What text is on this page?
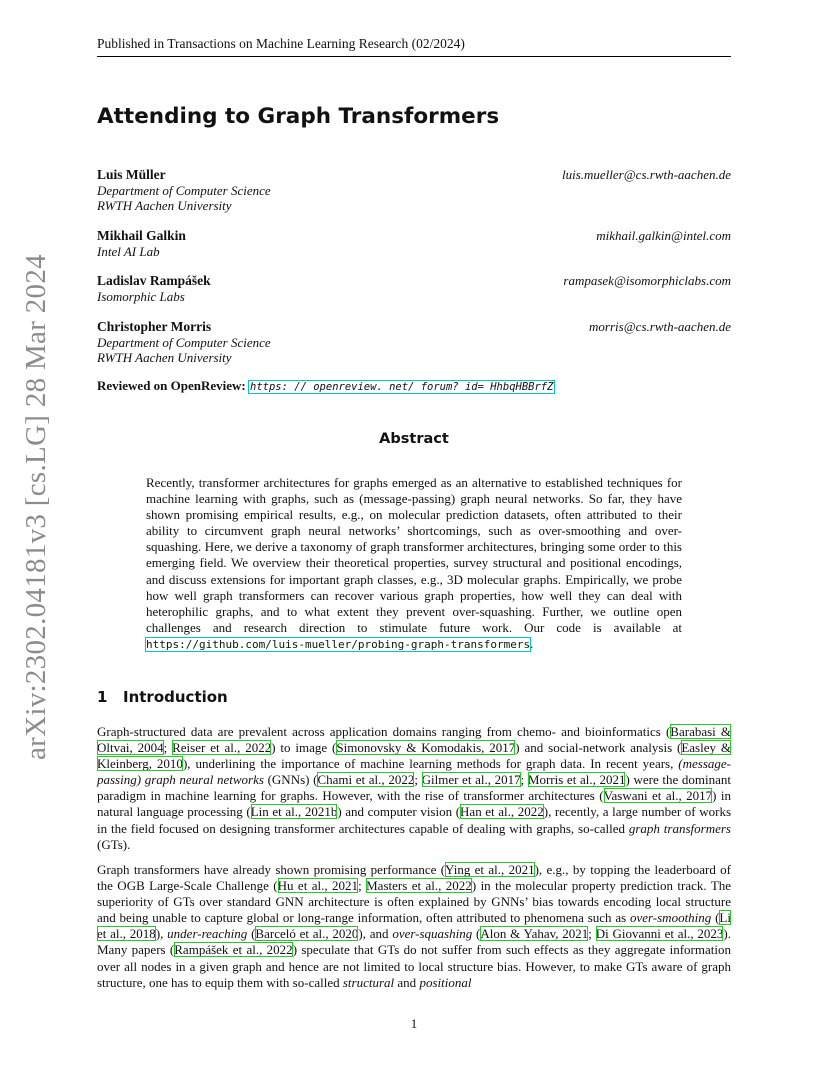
Published in Transactions on Machine Learning Research (02/2024)
arXiv:2302.04181v3 [cs.LG] 28 Mar 2024
Attending to Graph Transformers
Luis Müller	luis.mueller@cs.rwth-aachen.de
Department of Computer Science
RWTH Aachen University
Mikhail Galkin	mikhail.galkin@intel.com
Intel AI Lab
Ladislav Rampášek	rampasek@isomorphiclabs.com
Isomorphic Labs
Christopher Morris	morris@cs.rwth-aachen.de
Department of Computer Science
RWTH Aachen University
Reviewed on OpenReview: https: // openreview. net/ forum? id= HhbqHBBrfZ
Abstract
Recently, transformer architectures for graphs emerged as an alternative to established techniques for machine learning with graphs, such as (message-passing) graph neural networks. So far, they have shown promising empirical results, e.g., on molecular prediction datasets, often attributed to their ability to circumvent graph neural networks’ shortcomings, such as over-smoothing and over-squashing. Here, we derive a taxonomy of graph transformer architectures, bringing some order to this emerging field. We overview their theoretical properties, survey structural and positional encodings, and discuss extensions for important graph classes, e.g., 3D molecular graphs. Empirically, we probe how well graph transformers can recover various graph properties, how well they can deal with heterophilic graphs, and to what extent they prevent over-squashing. Further, we outline open challenges and research direction to stimulate future work. Our code is available at https://github.com/luis-mueller/probing-graph-transformers.
1 Introduction
Graph-structured data are prevalent across application domains ranging from chemo- and bioinformatics (Barabasi & Oltvai, 2004; Reiser et al., 2022) to image (Simonovsky & Komodakis, 2017) and social-network analysis (Easley & Kleinberg, 2010), underlining the importance of machine learning methods for graph data. In recent years, (message-passing) graph neural networks (GNNs) (Chami et al., 2022; Gilmer et al., 2017; Morris et al., 2021) were the dominant paradigm in machine learning for graphs. However, with the rise of transformer architectures (Vaswani et al., 2017) in natural language processing (Lin et al., 2021b) and computer vision (Han et al., 2022), recently, a large number of works in the field focused on designing transformer architectures capable of dealing with graphs, so-called graph transformers (GTs).
Graph transformers have already shown promising performance (Ying et al., 2021), e.g., by topping the leaderboard of the OGB Large-Scale Challenge (Hu et al., 2021; Masters et al., 2022) in the molecular property prediction track. The superiority of GTs over standard GNN architecture is often explained by GNNs’ bias towards encoding local structure and being unable to capture global or long-range information, often attributed to phenomena such as over-smoothing (Li et al., 2018), under-reaching (Barceló et al., 2020), and over-squashing (Alon & Yahav, 2021; Di Giovanni et al., 2023). Many papers (Rampášek et al., 2022) speculate that GTs do not suffer from such effects as they aggregate information over all nodes in a given graph and hence are not limited to local structure bias. However, to make GTs aware of graph structure, one has to equip them with so-called structural and positional
1
